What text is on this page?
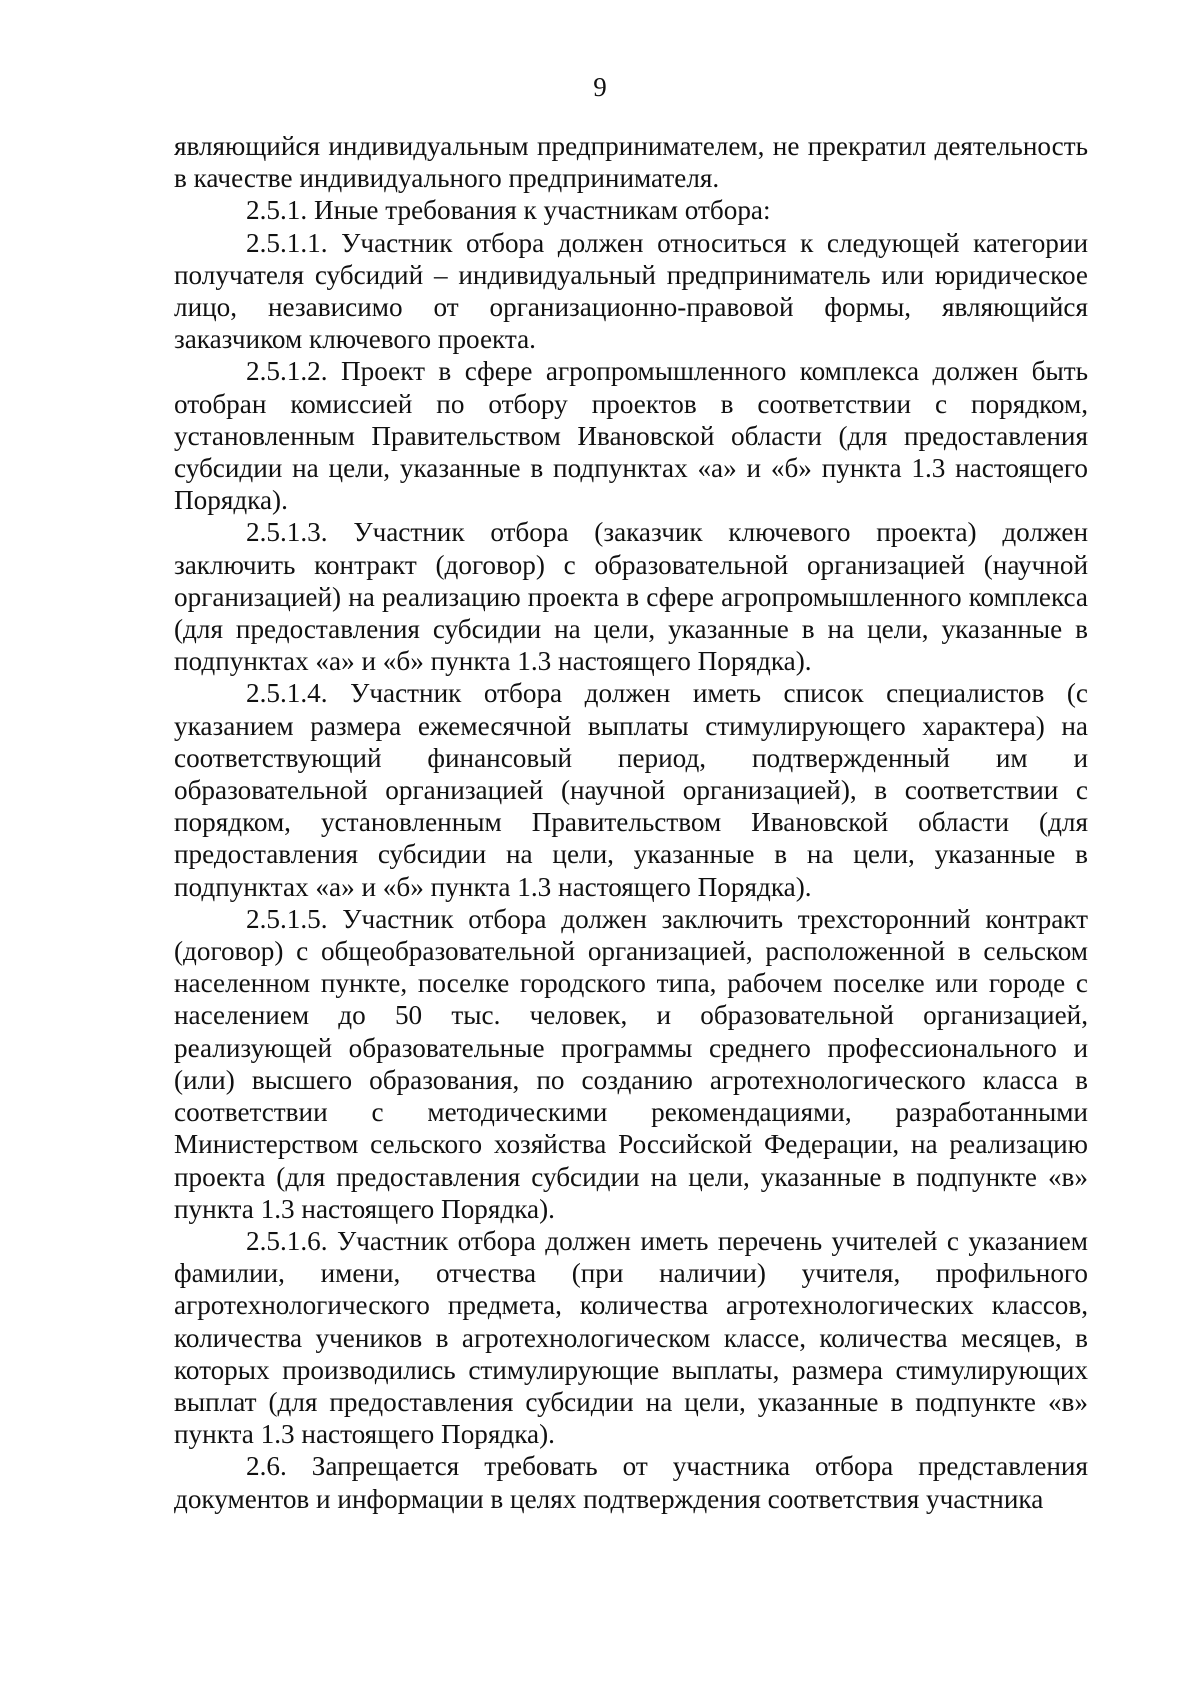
9

являющийся индивидуальным предпринимателем, не прекратил деятельность в качестве индивидуального предпринимателя.

2.5.1. Иные требования к участникам отбора:

2.5.1.1. Участник отбора должен относиться к следующей категории получателя субсидий – индивидуальный предприниматель или юридическое лицо, независимо от организационно-правовой формы, являющийся заказчиком ключевого проекта.

2.5.1.2. Проект в сфере агропромышленного комплекса должен быть отобран комиссией по отбору проектов в соответствии с порядком, установленным Правительством Ивановской области (для предоставления субсидии на цели, указанные в подпунктах «а» и «б» пункта 1.3 настоящего Порядка).

2.5.1.3. Участник отбора (заказчик ключевого проекта) должен заключить контракт (договор) с образовательной организацией (научной организацией) на реализацию проекта в сфере агропромышленного комплекса (для предоставления субсидии на цели, указанные в на цели, указанные в подпунктах «а» и «б» пункта 1.3 настоящего Порядка).

2.5.1.4. Участник отбора должен иметь список специалистов (с указанием размера ежемесячной выплаты стимулирующего характера) на соответствующий финансовый период, подтвержденный им и образовательной организацией (научной организацией), в соответствии с порядком, установленным Правительством Ивановской области (для предоставления субсидии на цели, указанные в на цели, указанные в подпунктах «а» и «б» пункта 1.3 настоящего Порядка).

2.5.1.5. Участник отбора должен заключить трехсторонний контракт (договор) с общеобразовательной организацией, расположенной в сельском населенном пункте, поселке городского типа, рабочем поселке или городе с населением до 50 тыс. человек, и образовательной организацией, реализующей образовательные программы среднего профессионального и (или) высшего образования, по созданию агротехнологического класса в соответствии с методическими рекомендациями, разработанными Министерством сельского хозяйства Российской Федерации, на реализацию проекта (для предоставления субсидии на цели, указанные в подпункте «в» пункта 1.3 настоящего Порядка).

2.5.1.6. Участник отбора должен иметь перечень учителей с указанием фамилии, имени, отчества (при наличии) учителя, профильного агротехнологического предмета, количества агротехнологических классов, количества учеников в агротехнологическом классе, количества месяцев, в которых производились стимулирующие выплаты, размера стимулирующих выплат (для предоставления субсидии на цели, указанные в подпункте «в» пункта 1.3 настоящего Порядка).

2.6. Запрещается требовать от участника отбора представления документов и информации в целях подтверждения соответствия участника
